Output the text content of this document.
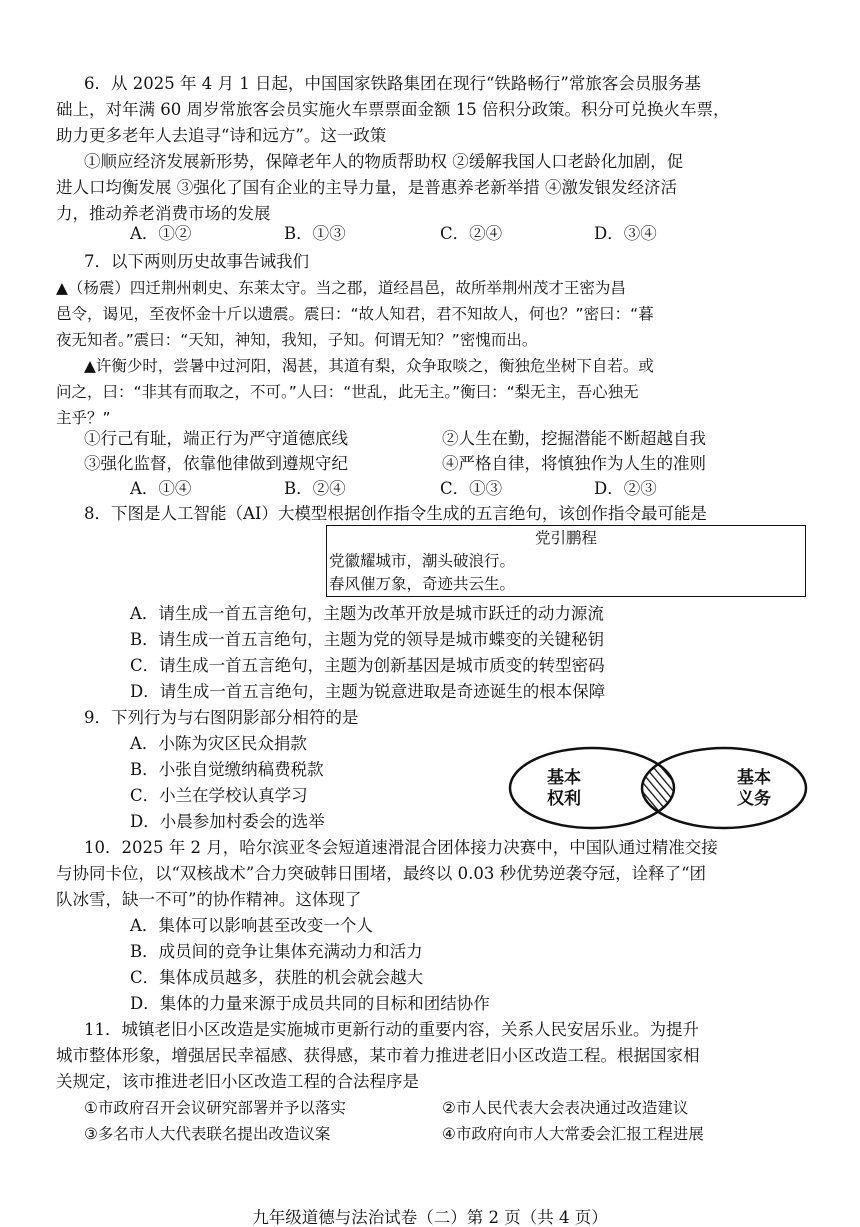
6．从 2025 年 4 月 1 日起，中国国家铁路集团在现行“铁路畅行”常旅客会员服务基
础上，对年满 60 周岁常旅客会员实施火车票票面金额 15 倍积分政策。积分可兑换火车票，
助力更多老年人去追寻“诗和远方”。这一政策
①顺应经济发展新形势，保障老年人的物质帮助权 ②缓解我国人口老龄化加剧，促
进人口均衡发展 ③强化了国有企业的主导力量，是普惠养老新举措 ④激发银发经济活
力，推动养老消费市场的发展
A．①②	B．①③	C．②④	D．③④
7．以下两则历史故事告诫我们
▲（杨震）四迁荆州刺史、东莱太守。当之郡，道经昌邑，故所举荆州茂才王密为昌
邑令，谒见，至夜怀金十斤以遗震。震曰：“故人知君，君不知故人，何也？”密曰：“暮
夜无知者。”震曰：“天知，神知，我知，子知。何谓无知？”密愧而出。
▲许衡少时，尝暑中过河阳，渴甚，其道有梨，众争取啖之，衡独危坐树下自若。或
问之，曰：“非其有而取之，不可。”人曰：“世乱，此无主。”衡曰：“梨无主，吾心独无
主乎？”
①行己有耻，端正行为严守道德底线	②人生在勤，挖掘潜能不断超越自我
③强化监督，依靠他律做到遵规守纪	④严格自律，将慎独作为人生的准则
A．①④	B．②④	C．①③	D．②③
8．下图是人工智能（AI）大模型根据创作指令生成的五言绝句，该创作指令最可能是
党引鹏程
党徽耀城市，潮头破浪行。
春风催万象，奇迹共云生。
A．请生成一首五言绝句，主题为改革开放是城市跃迁的动力源流
B．请生成一首五言绝句，主题为党的领导是城市蝶变的关键秘钥
C．请生成一首五言绝句，主题为创新基因是城市质变的转型密码
D．请生成一首五言绝句，主题为锐意进取是奇迹诞生的根本保障
9．下列行为与右图阴影部分相符的是
A．小陈为灾区民众捐款
B．小张自觉缴纳稿费税款
C．小兰在学校认真学习
D．小晨参加村委会的选举
基本
权利
基本
义务
10．2025 年 2 月，哈尔滨亚冬会短道速滑混合团体接力决赛中，中国队通过精准交接
与协同卡位，以“双核战术”合力突破韩日围堵，最终以 0.03 秒优势逆袭夺冠，诠释了“团
队冰雪，缺一不可”的协作精神。这体现了
A．集体可以影响甚至改变一个人
B．成员间的竞争让集体充满动力和活力
C．集体成员越多，获胜的机会就会越大
D．集体的力量来源于成员共同的目标和团结协作
11．城镇老旧小区改造是实施城市更新行动的重要内容，关系人民安居乐业。为提升
城市整体形象，增强居民幸福感、获得感，某市着力推进老旧小区改造工程。根据国家相
关规定，该市推进老旧小区改造工程的合法程序是
①市政府召开会议研究部署并予以落实	②市人民代表大会表决通过改造建议
③多名市人大代表联名提出改造议案	④市政府向市人大常委会汇报工程进展
九年级道德与法治试卷（二）第 2 页（共 4 页）
